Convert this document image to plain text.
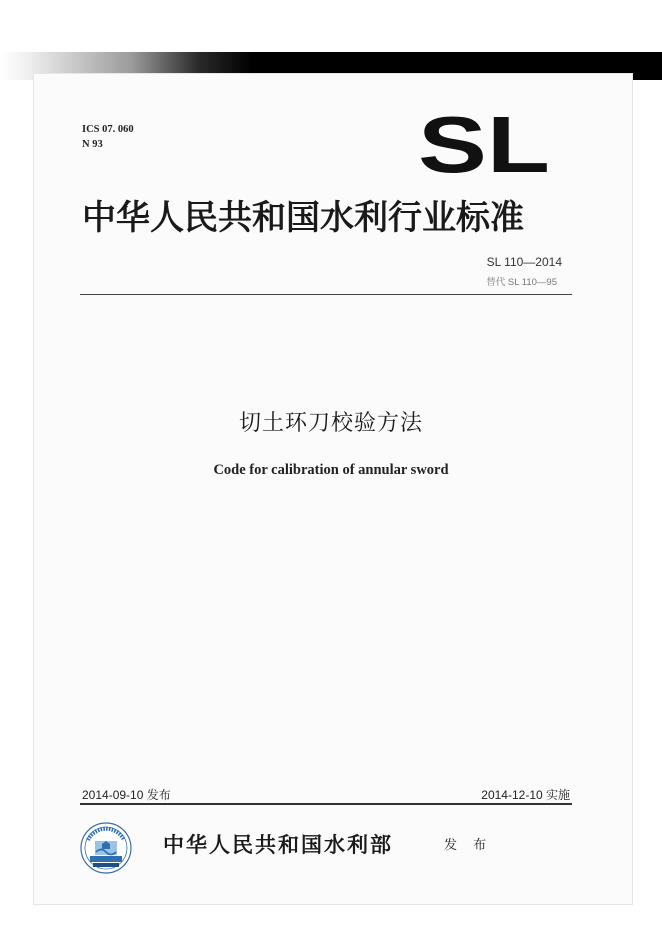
ICS 07. 060
N 93	SL
中华人民共和国水利行业标准
SL 110—2014
替代 SL 110—95
切土环刀校验方法
Code for calibration of annular sword
2014-09-10 发布	2014-12-10 实施
中华人民共和国水利部	发 布
